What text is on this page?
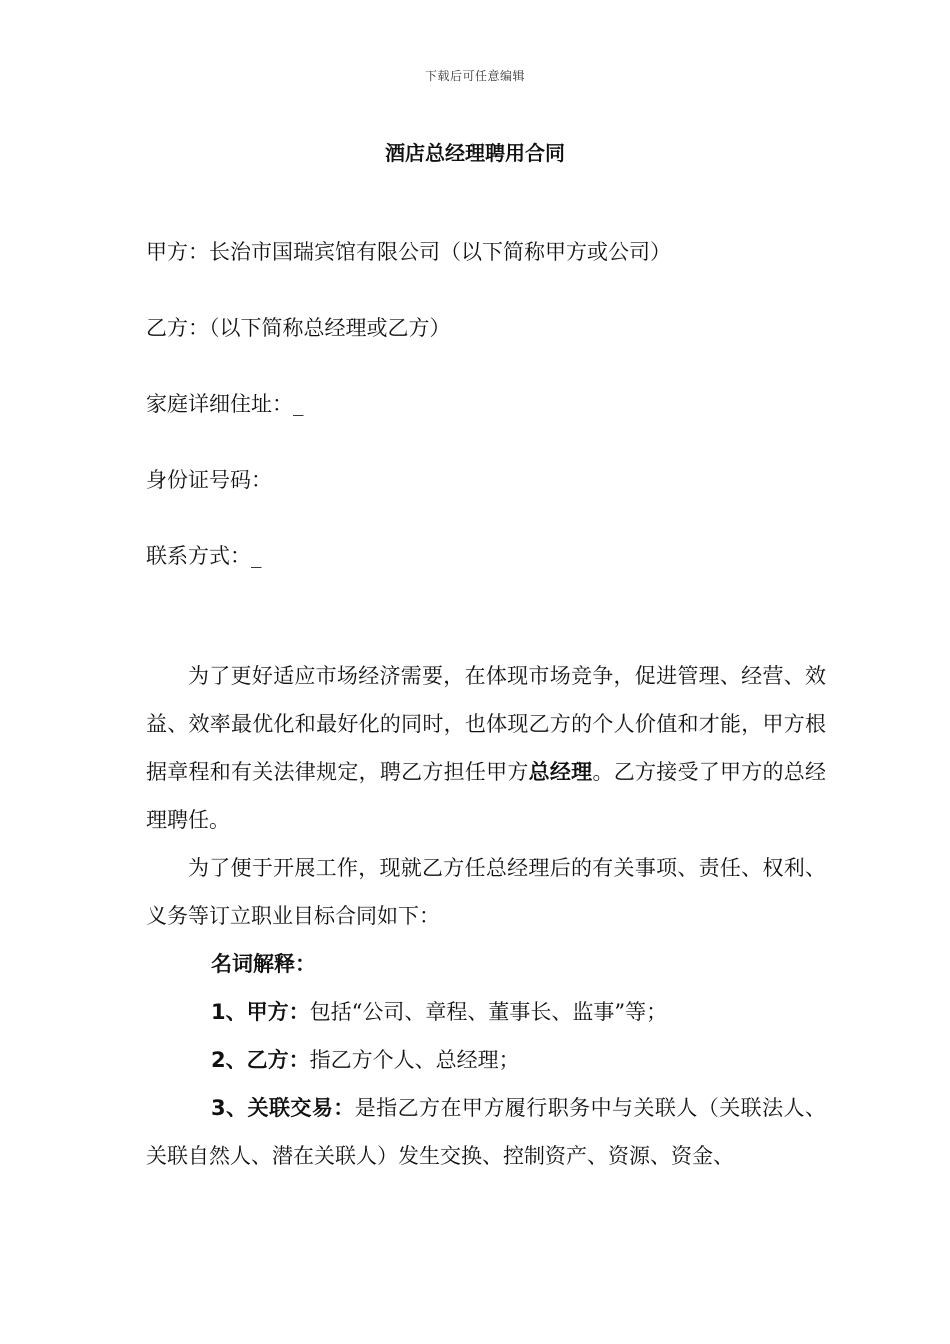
下载后可任意编辑
酒店总经理聘用合同
甲方：长治市国瑞宾馆有限公司（以下简称甲方或公司）
乙方：（以下简称总经理或乙方）
家庭详细住址：_
身份证号码：
联系方式：_

为了更好适应市场经济需要，在体现市场竞争，促进管理、经营、效益、效率最优化和最好化的同时，也体现乙方的个人价值和才能，甲方根据章程和有关法律规定，聘乙方担任甲方总经理。乙方接受了甲方的总经理聘任。

为了便于开展工作，现就乙方任总经理后的有关事项、责任、权利、义务等订立职业目标合同如下：

名词解释：

1、甲方：包括“公司、章程、董事长、监事”等；

2、乙方：指乙方个人、总经理；

3、关联交易：是指乙方在甲方履行职务中与关联人（关联法人、关联自然人、潜在关联人）发生交换、控制资产、资源、资金、
